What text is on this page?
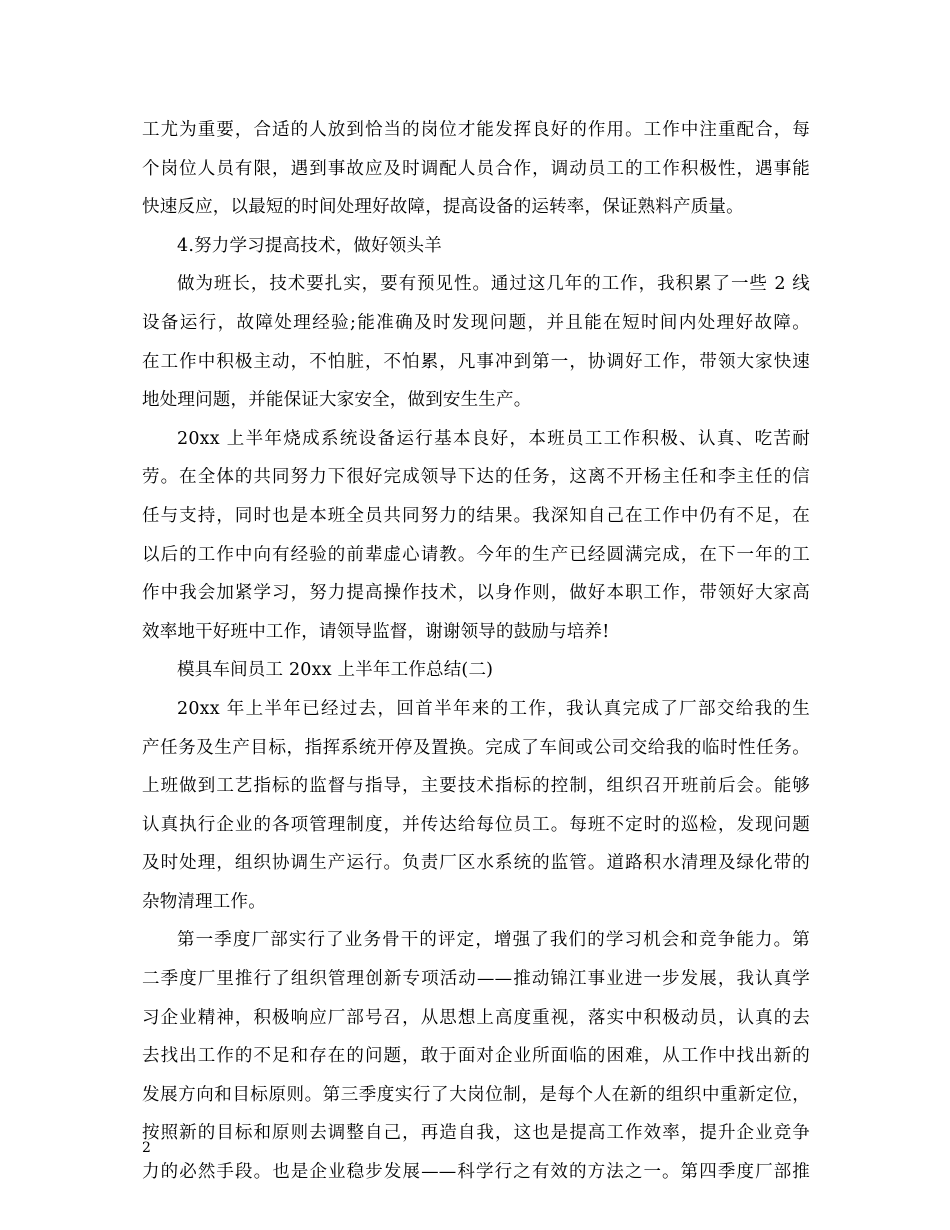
工尤为重要，合适的人放到恰当的岗位才能发挥良好的作用。工作中注重配合，每
个岗位人员有限，遇到事故应及时调配人员合作，调动员工的工作积极性，遇事能
快速反应，以最短的时间处理好故障，提高设备的运转率，保证熟料产质量。
4.努力学习提高技术，做好领头羊
做为班长，技术要扎实，要有预见性。通过这几年的工作，我积累了一些 2 线
设备运行，故障处理经验;能准确及时发现问题，并且能在短时间内处理好故障。
在工作中积极主动，不怕脏，不怕累，凡事冲到第一，协调好工作，带领大家快速
地处理问题，并能保证大家安全，做到安生生产。
20xx 上半年烧成系统设备运行基本良好，本班员工工作积极、认真、吃苦耐
劳。在全体的共同努力下很好完成领导下达的任务，这离不开杨主任和李主任的信
任与支持，同时也是本班全员共同努力的结果。我深知自己在工作中仍有不足，在
以后的工作中向有经验的前辈虚心请教。今年的生产已经圆满完成，在下一年的工
作中我会加紧学习，努力提高操作技术，以身作则，做好本职工作，带领好大家高
效率地干好班中工作，请领导监督，谢谢领导的鼓励与培养!
模具车间员工 20xx 上半年工作总结(二)
20xx 年上半年已经过去，回首半年来的工作，我认真完成了厂部交给我的生
产任务及生产目标，指挥系统开停及置换。完成了车间或公司交给我的临时性任务。
上班做到工艺指标的监督与指导，主要技术指标的控制，组织召开班前后会。能够
认真执行企业的各项管理制度，并传达给每位员工。每班不定时的巡检，发现问题
及时处理，组织协调生产运行。负责厂区水系统的监管。道路积水清理及绿化带的
杂物清理工作。
第一季度厂部实行了业务骨干的评定，增强了我们的学习机会和竞争能力。第
二季度厂里推行了组织管理创新专项活动——推动锦江事业进一步发展，我认真学
习企业精神，积极响应厂部号召，从思想上高度重视，落实中积极动员，认真的去
去找出工作的不足和存在的问题，敢于面对企业所面临的困难，从工作中找出新的
发展方向和目标原则。第三季度实行了大岗位制，是每个人在新的组织中重新定位，
按照新的目标和原则去调整自己，再造自我，这也是提高工作效率，提升企业竞争
力的必然手段。也是企业稳步发展——科学行之有效的方法之一。第四季度厂部推
2
